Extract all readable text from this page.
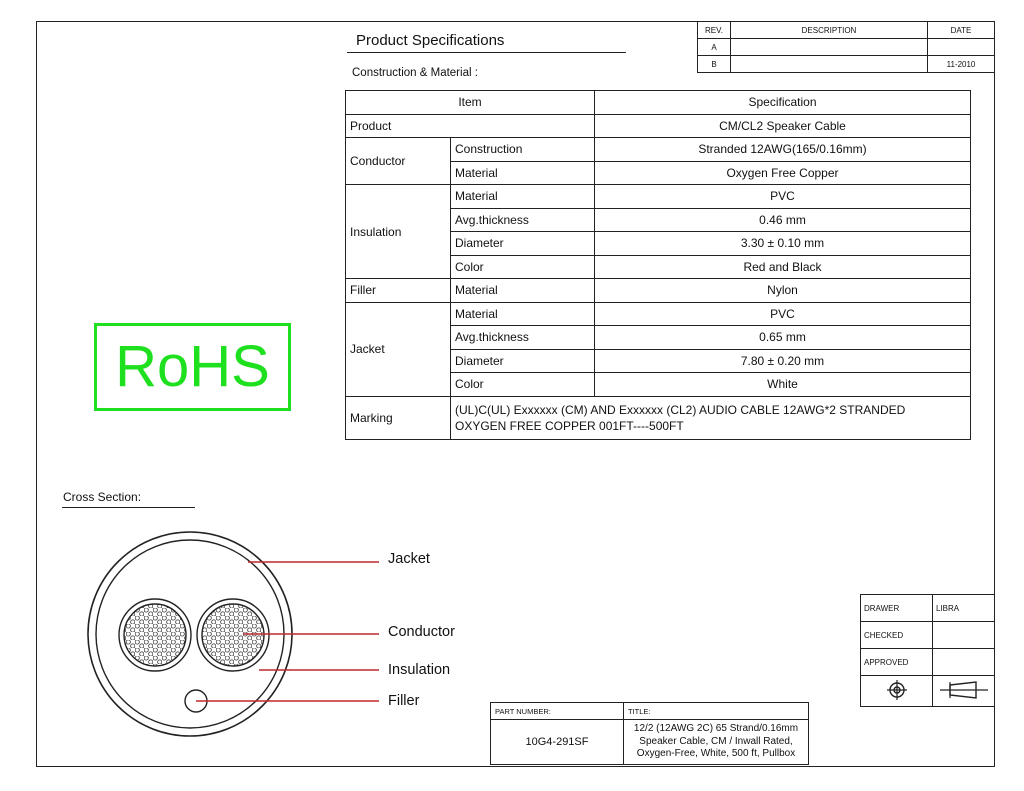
REV.	DESCRIPTION	DATE
A		
B		11-2010
Product Specifications
Construction & Material :
Item		Specification
Product		CM/CL2 Speaker Cable
Conductor	Construction	Stranded 12AWG(165/0.16mm)
	Material	Oxygen Free Copper
Insulation	Material	PVC
	Avg.thickness	0.46 mm
	Diameter	3.30 ± 0.10 mm
	Color	Red and Black
Filler	Material	Nylon
Jacket	Material	PVC
	Avg.thickness	0.65 mm
	Diameter	7.80 ± 0.20 mm
	Color	White
Marking	(UL)C(UL) Exxxxxx (CM) AND Exxxxxx (CL2) AUDIO CABLE 12AWG*2 STRANDED
OXYGEN FREE COPPER 001FT----500FT	
RoHS
Cross Section:
Jacket
Conductor
Insulation
Filler
DRAWER	LIBRA
CHECKED	
APPROVED	

PART NUMBER:	TITLE:	
10G4-291SF	12/2 (12AWG 2C) 65 Strand/0.16mm
Speaker Cable, CM / Inwall Rated,
Oxygen-Free, White, 500 ft, Pullbox	
